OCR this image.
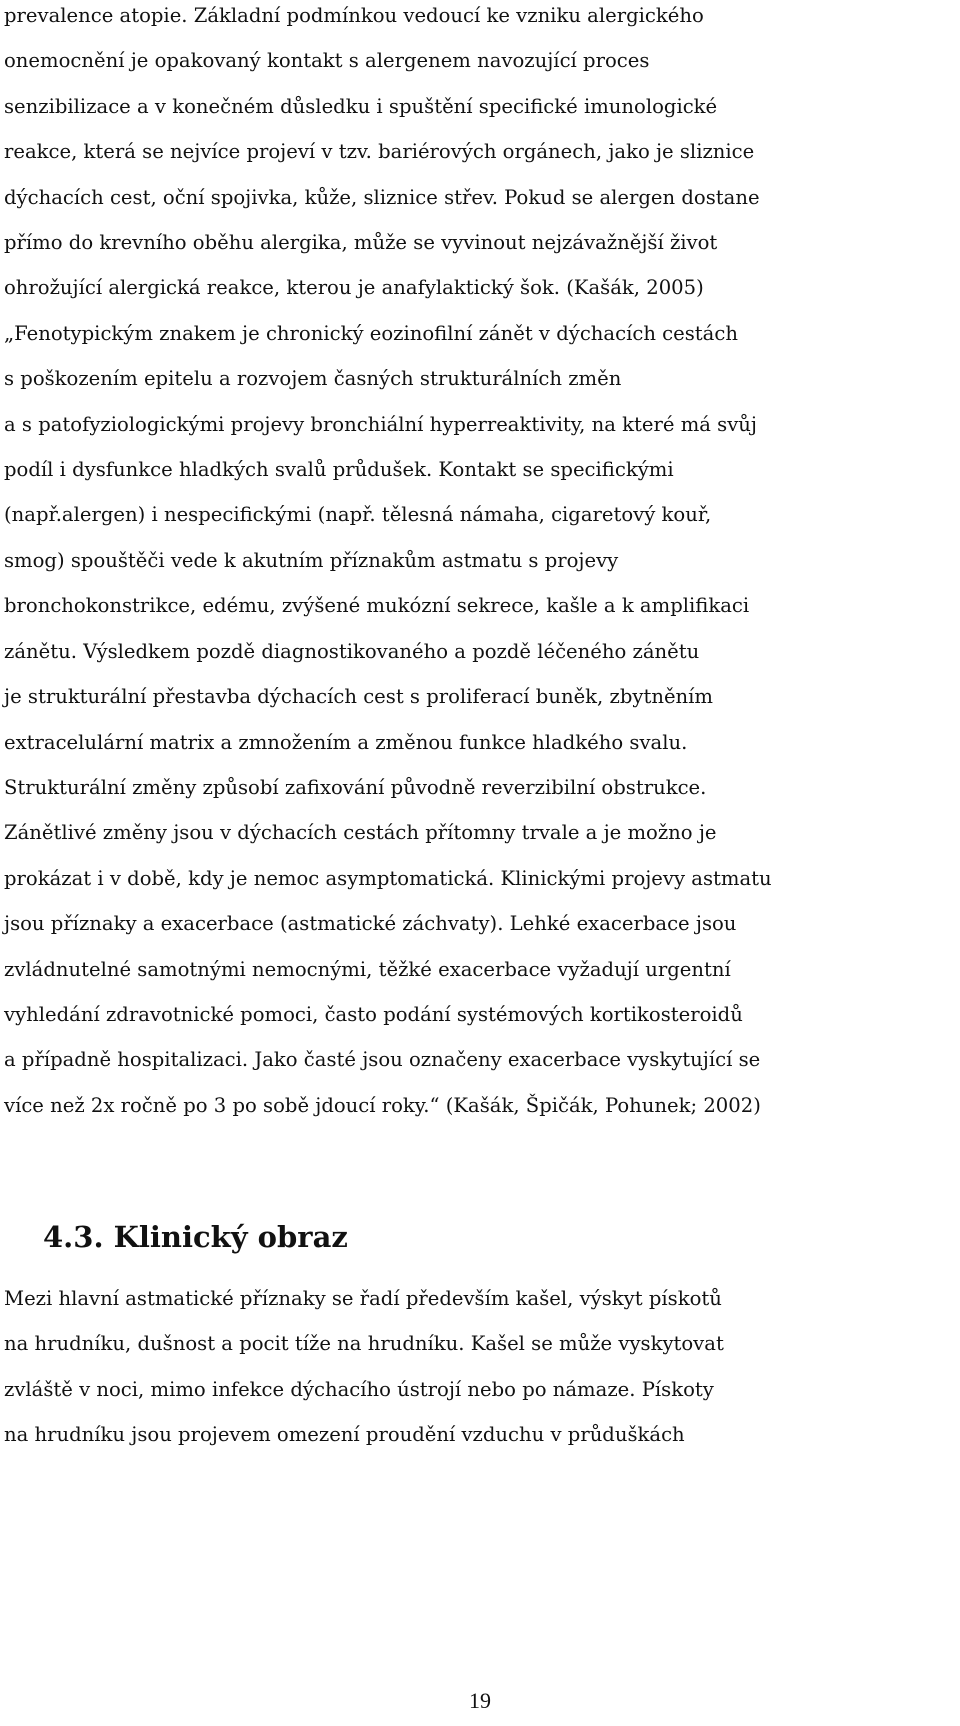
prevalence atopie. Základní podmínkou vedoucí ke vzniku alergického
onemocnění je opakovaný kontakt s alergenem navozující proces
senzibilizace a v konečném důsledku i spuštění specifické imunologické
reakce, která se nejvíce projeví v tzv. bariérových orgánech, jako je sliznice
dýchacích cest, oční spojivka, kůže, sliznice střev. Pokud se alergen dostane
přímo do krevního oběhu alergika, může se vyvinout nejzávažnější život
ohrožující alergická reakce, kterou je anafylaktický šok. (Kašák, 2005)
„Fenotypickým znakem je chronický eozinofilní zánět v dýchacích cestách
s poškozením epitelu a rozvojem časných strukturálních změn
a s patofyziologickými projevy bronchiální hyperreaktivity, na které má svůj
podíl i dysfunkce hladkých svalů průdušek. Kontakt se specifickými
(např.alergen) i nespecifickými (např. tělesná námaha, cigaretový kouř,
smog) spouštěči vede k akutním příznakům astmatu s projevy
bronchokonstrikce, edému, zvýšené mukózní sekrece, kašle a k amplifikaci
zánětu. Výsledkem pozdě diagnostikovaného a pozdě léčeného zánětu
je strukturální přestavba dýchacích cest s proliferací buněk, zbytněním
extracelulární matrix a zmnožením a změnou funkce hladkého svalu.
Strukturální změny způsobí zafixování původně reverzibilní obstrukce.
Zánětlivé změny jsou v dýchacích cestách přítomny trvale a je možno je
prokázat i v době, kdy je nemoc asymptomatická. Klinickými projevy astmatu
jsou příznaky a exacerbace (astmatické záchvaty). Lehké exacerbace jsou
zvládnutelné samotnými nemocnými, těžké exacerbace vyžadují urgentní
vyhledání zdravotnické pomoci, často podání systémových kortikosteroidů
a případně hospitalizaci. Jako časté jsou označeny exacerbace vyskytující se
více než 2x ročně po 3 po sobě jdoucí roky.“ (Kašák, Špičák, Pohunek; 2002)
4.3. Klinický obraz
Mezi hlavní astmatické příznaky se řadí především kašel, výskyt pískotů
na hrudníku, dušnost a pocit tíže na hrudníku. Kašel se může vyskytovat
zvláště v noci, mimo infekce dýchacího ústrojí nebo po námaze. Pískoty
na hrudníku jsou projevem omezení proudění vzduchu v průduškách
19
